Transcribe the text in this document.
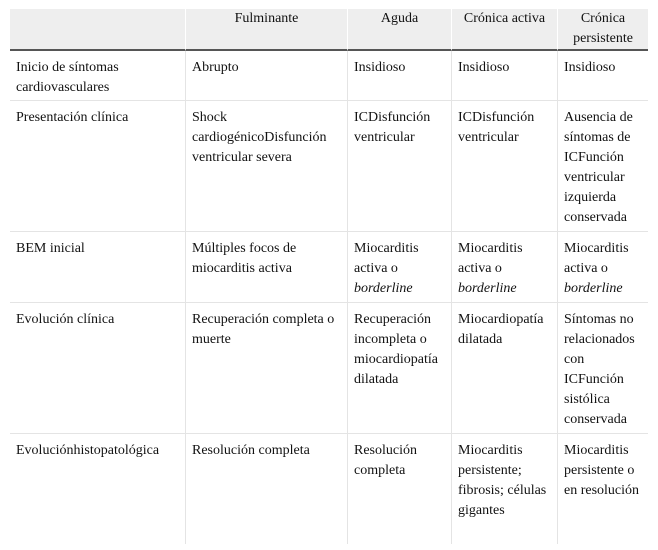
	Fulminante	Aguda	Crónica activa	Crónica persistente
Inicio de síntomas cardiovasculares	Abrupto	Insidioso	Insidioso	Insidioso
Presentación clínica	Shock cardiogénicoDisfunción ventricular severa	ICDisfunción ventricular	ICDisfunción ventricular	Ausencia de síntomas de ICFunción ventricular izquierda conservada
BEM inicial	Múltiples focos de miocarditis activa	Miocarditis activa o borderline	Miocarditis activa o borderline	Miocarditis activa o borderline
Evolución clínica	Recuperación completa o muerte	Recuperación incompleta o miocardiopatía dilatada	Miocardiopatía dilatada	Síntomas no relacionados con ICFunción sistólica conservada
Evoluciónhistopatológica	Resolución completa	Resolución completa	Miocarditis persistente; fibrosis; células gigantes	Miocarditis persistente o en resolución
